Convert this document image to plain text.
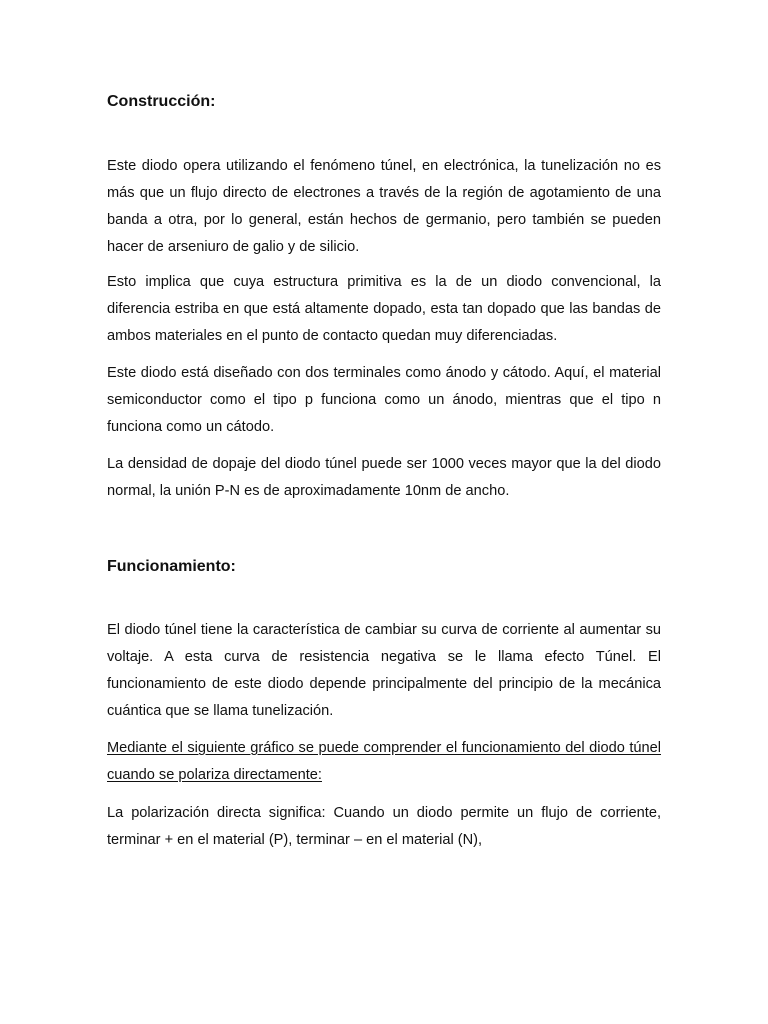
Construcción:

Este diodo opera utilizando el fenómeno túnel, en electrónica, la tunelización no es más que un flujo directo de electrones a través de la región de agotamiento de una banda a otra, por lo general, están hechos de germanio, pero también se pueden hacer de arseniuro de galio y de silicio.

Esto implica que cuya estructura primitiva es la de un diodo convencional, la diferencia estriba en que está altamente dopado, esta tan dopado que las bandas de ambos materiales en el punto de contacto quedan muy diferenciadas.

Este diodo está diseñado con dos terminales como ánodo y cátodo. Aquí, el material semiconductor como el tipo p funciona como un ánodo, mientras que el tipo n funciona como un cátodo.

La densidad de dopaje del diodo túnel puede ser 1000 veces mayor que la del diodo normal, la unión P-N es de aproximadamente 10nm de ancho.

Funcionamiento:

El diodo túnel tiene la característica de cambiar su curva de corriente al aumentar su voltaje. A esta curva de resistencia negativa se le llama efecto Túnel. El funcionamiento de este diodo depende principalmente del principio de la mecánica cuántica que se llama tunelización.

Mediante el siguiente gráfico se puede comprender el funcionamiento del diodo túnel cuando se polariza directamente:

La polarización directa significa: Cuando un diodo permite un flujo de corriente, terminar + en el material (P), terminar – en el material (N),
